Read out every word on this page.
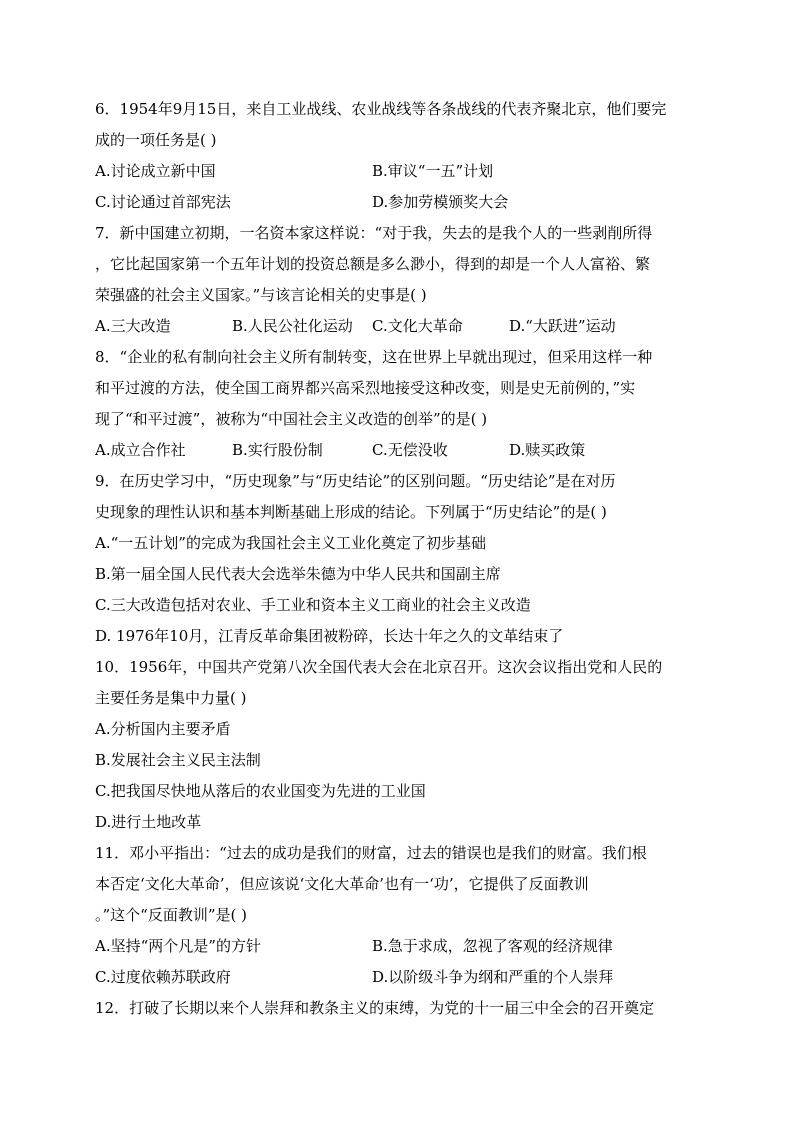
6．1954年9月15日，来自工业战线、农业战线等各条战线的代表齐聚北京，他们要完
成的一项任务是( )
A.讨论成立新中国	B.审议“一五”计划
C.讨论通过首部宪法	D.参加劳模颁奖大会
7．新中国建立初期，一名资本家这样说：“对于我，失去的是我个人的一些剥削所得
，它比起国家第一个五年计划的投资总额是多么渺小，得到的却是一个人人富裕、繁
荣强盛的社会主义国家。”与该言论相关的史事是( )
A.三大改造	B.人民公社化运动	C.文化大革命	D.“大跃进”运动
8．“企业的私有制向社会主义所有制转变，这在世界上早就出现过，但采用这样一种
和平过渡的方法，使全国工商界都兴高采烈地接受这种改变，则是史无前例的，”实
现了“和平过渡”，被称为“中国社会主义改造的创举”的是( )
A.成立合作社	B.实行股份制	C.无偿没收	D.赎买政策
9．在历史学习中，“历史现象”与“历史结论”的区别问题。“历史结论”是在对历
史现象的理性认识和基本判断基础上形成的结论。下列属于“历史结论”的是( )
A.“一五计划”的完成为我国社会主义工业化奠定了初步基础
B.第一届全国人民代表大会选举朱德为中华人民共和国副主席
C.三大改造包括对农业、手工业和资本主义工商业的社会主义改造
D. 1976年10月，江青反革命集团被粉碎，长达十年之久的文革结束了
10．1956年，中国共产党第八次全国代表大会在北京召开。这次会议指出党和人民的
主要任务是集中力量( )
A.分析国内主要矛盾
B.发展社会主义民主法制
C.把我国尽快地从落后的农业国变为先进的工业国
D.进行土地改革
11．邓小平指出：“过去的成功是我们的财富，过去的错误也是我们的财富。我们根
本否定‘文化大革命’，但应该说‘文化大革命’也有一‘功’，它提供了反面教训
。”这个“反面教训”是( )
A.坚持“两个凡是”的方针	B.急于求成，忽视了客观的经济规律
C.过度依赖苏联政府	D.以阶级斗争为纲和严重的个人崇拜
12．打破了长期以来个人崇拜和教条主义的束缚，为党的十一届三中全会的召开奠定
